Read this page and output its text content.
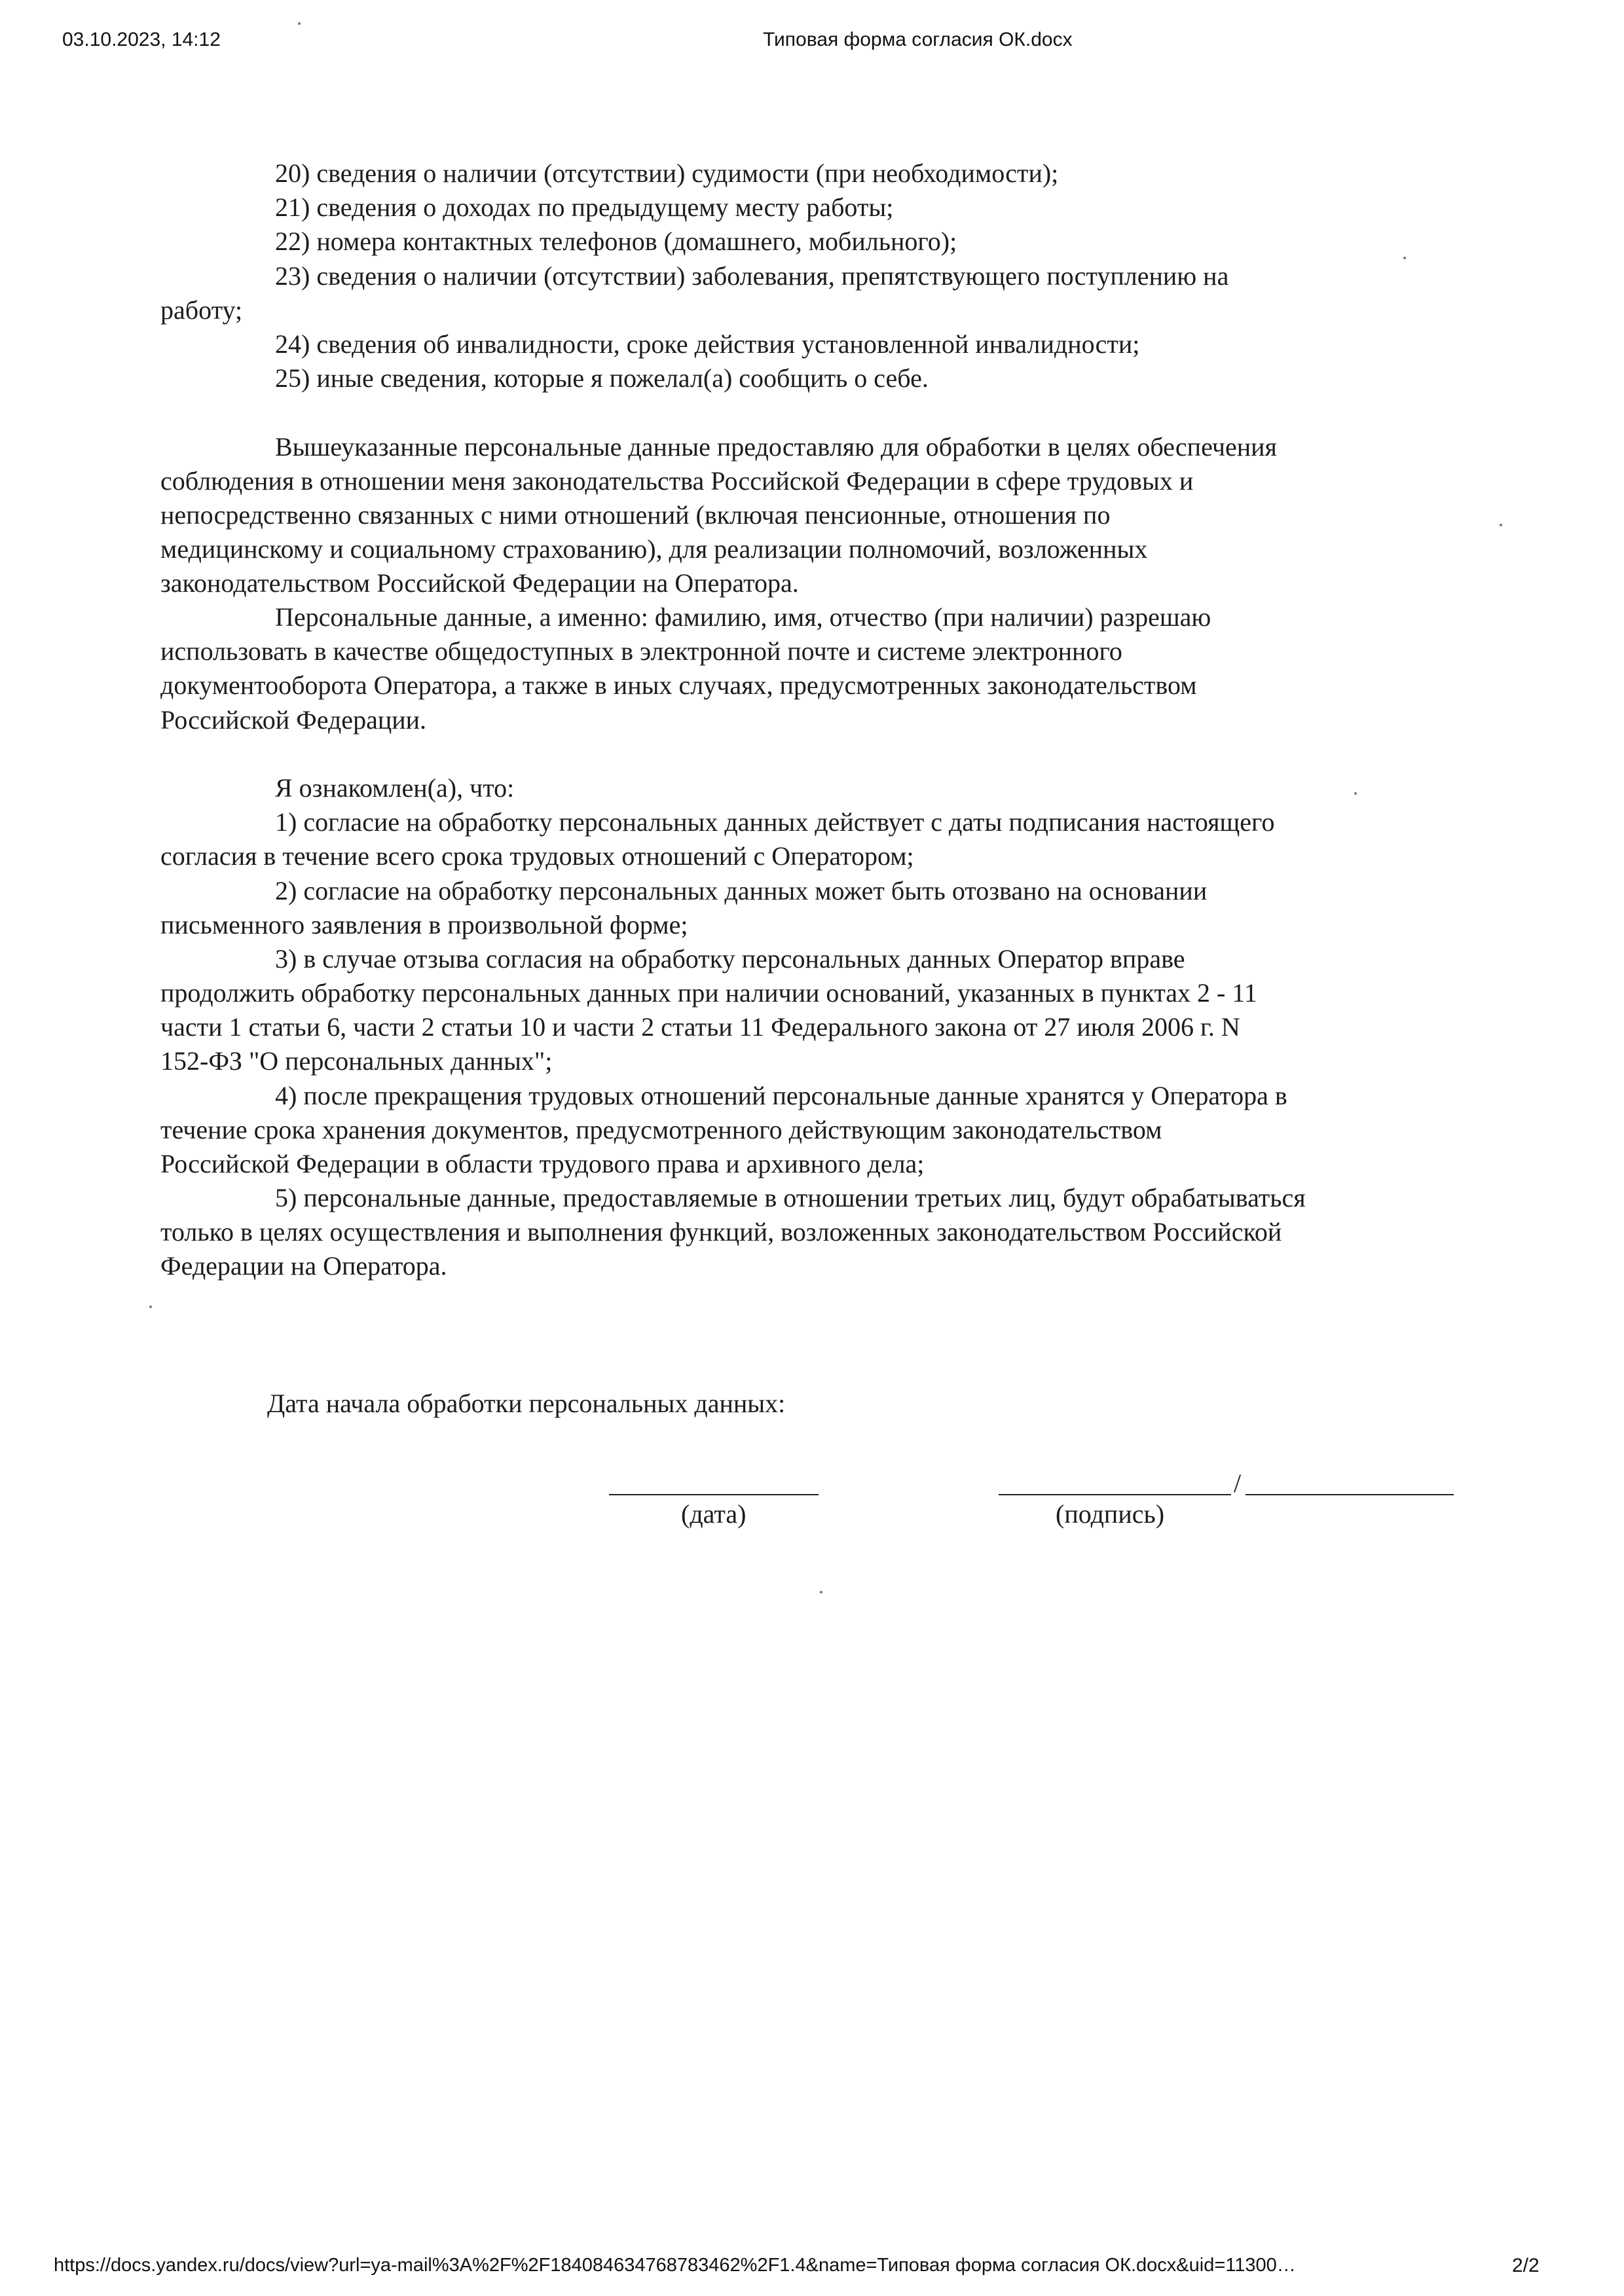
03.10.2023, 14:12	Типовая форма согласия ОК.docx
20) сведения о наличии (отсутствии) судимости (при необходимости);
21) сведения о доходах по предыдущему месту работы;
22) номера контактных телефонов (домашнего, мобильного);
23) сведения о наличии (отсутствии) заболевания, препятствующего поступлению на
работу;
24) сведения об инвалидности, сроке действия установленной инвалидности;
25) иные сведения, которые я пожелал(а) сообщить о себе.
Вышеуказанные персональные данные предоставляю для обработки в целях обеспечения
соблюдения в отношении меня законодательства Российской Федерации в сфере трудовых и
непосредственно связанных с ними отношений (включая пенсионные, отношения по
медицинскому и социальному страхованию), для реализации полномочий, возложенных
законодательством Российской Федерации на Оператора.
Персональные данные, а именно: фамилию, имя, отчество (при наличии) разрешаю
использовать в качестве общедоступных в электронной почте и системе электронного
документооборота Оператора, а также в иных случаях, предусмотренных законодательством
Российской Федерации.
Я ознакомлен(а), что:
1) согласие на обработку персональных данных действует с даты подписания настоящего
согласия в течение всего срока трудовых отношений с Оператором;
2) согласие на обработку персональных данных может быть отозвано на основании
письменного заявления в произвольной форме;
3) в случае отзыва согласия на обработку персональных данных Оператор вправе
продолжить обработку персональных данных при наличии оснований, указанных в пунктах 2 - 11
части 1 статьи 6, части 2 статьи 10 и части 2 статьи 11 Федерального закона от 27 июля 2006 г. N
152-ФЗ "О персональных данных";
4) после прекращения трудовых отношений персональные данные хранятся у Оператора в
течение срока хранения документов, предусмотренного действующим законодательством
Российской Федерации в области трудового права и архивного дела;
5) персональные данные, предоставляемые в отношении третьих лиц, будут обрабатываться
только в целях осуществления и выполнения функций, возложенных законодательством Российской
Федерации на Оператора.
Дата начала обработки персональных данных:
/
(дата)	(подпись)
https://docs.yandex.ru/docs/view?url=ya-mail%3A%2F%2F184084634768783462%2F1.4&name=Типовая форма согласия ОК.docx&uid=11300…	2/2
